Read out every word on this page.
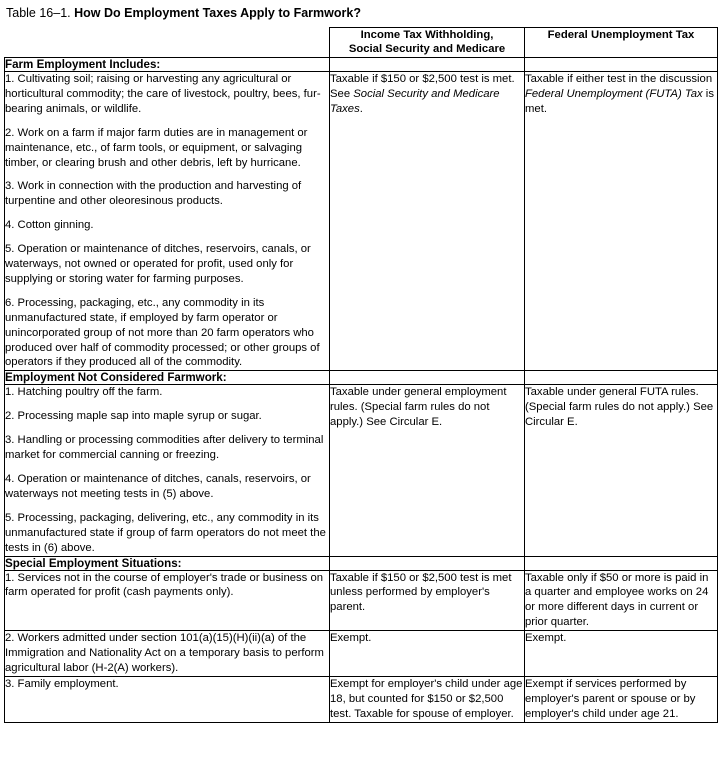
Table 16–1. How Do Employment Taxes Apply to Farmwork?
	Income Tax Withholding,
Social Security and Medicare	Federal Unemployment Tax
Farm Employment Includes:		

1. Cultivating soil; raising or harvesting any agricultural or horticultural commodity; the care of livestock, poultry, bees, fur-bearing animals, or wildlife.

2. Work on a farm if major farm duties are in management or maintenance, etc., of farm tools, or equipment, or salvaging timber, or clearing brush and other debris, left by hurricane.

3. Work in connection with the production and harvesting of turpentine and other oleoresinous products.

4. Cotton ginning.

5. Operation or maintenance of ditches, reservoirs, canals, or waterways, not owned or operated for profit, used only for supplying or storing water for farming purposes.

6. Processing, packaging, etc., any commodity in its unmanufactured state, if employed by farm operator or unincorporated group of not more than 20 farm operators who produced over half of commodity processed; or other groups of operators if they produced all of the commodity.

	Taxable if $150 or $2,500 test is met. See Social Security and Medicare Taxes.	Taxable if either test in the discussion Federal Unemployment (FUTA) Tax is met.
Employment Not Considered Farmwork:		

1. Hatching poultry off the farm.

2. Processing maple sap into maple syrup or sugar.

3. Handling or processing commodities after delivery to terminal market for commercial canning or freezing.

4. Operation or maintenance of ditches, canals, reservoirs, or waterways not meeting tests in (5) above.

5. Processing, packaging, delivering, etc., any commodity in its unmanufactured state if group of farm operators do not meet the tests in (6) above.	Taxable under general employment rules. (Special farm rules do not apply.) See Circular E.	Taxable under general FUTA rules. (Special farm rules do not apply.) See Circular E.
Special Employment Situations:		
1. Services not in the course of employer's trade or business on farm operated for profit (cash payments only).	Taxable if $150 or $2,500 test is met unless performed by employer's parent.	Taxable only if $50 or more is paid in a quarter and employee works on 24 or more different days in current or prior quarter.
2. Workers admitted under section 101(a)(15)(H)(ii)(a) of the Immigration and Nationality Act on a temporary basis to perform agricultural labor (H-2(A) workers).	Exempt.	Exempt.
3. Family employment.	Exempt for employer's child under age 18, but counted for $150 or $2,500 test. Taxable for spouse of employer.	Exempt if services performed by employer's parent or spouse or by employer's child under age 21.
